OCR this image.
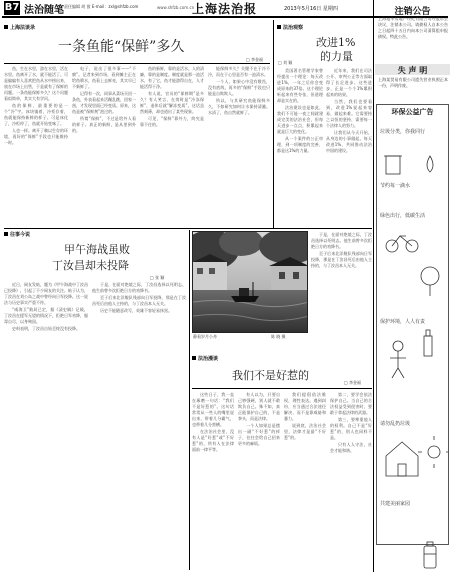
B7 法治随笔 责任编辑 胡 茵 E-mail：zxl@shfzb.com	www.shfzb.com.cn
上海法治报	2013年5月16日 星期四
上海法谈录
□ 李金福
一条鱼能“保鲜”多久

鱼，生在水里，游在水里，活在水里。鱼离开了水，就不能活了。可是偏偏有人喜欢把鱼从水中捞出来，放在市场上出售，于是就有了保鲜的问题。一条鱼能保鲜多久？这个问题看似简单，其实大有学问。

鱼的保鲜，最重要的是一个“冷”字。冰块镇着，冷柜存着，鱼就能保持新鲜的样子。可是冰化了，冷柜停了，鱼就开始变味了。

人也一样。离开了赖以生存的环境，再好的“保鲜”手段也只能维持一时。

电子，说出了很多事——“不腐”。记者来到市场，看到摊主正在给鱼喷水，鱼看上去鲜亮，其实早已不新鲜了。

记得有一次，同事从菜场买回一条鱼，外表看起来活蹦乱跳，回家一剖，才发现里面已经变质。原来，这鱼是被“保鲜剂”泡过的。

所谓“保鲜”，不过是给外人看的样子。真正的新鲜，是从里到外的。

鱼的新鲜，靠的是活水。人的清廉，靠的是制度。制度就是那一池活水，有了它，鱼才能游得自在，人才能活得干净。

有人说，官员的“保鲜期”是多久？有人笑言，在岗时是“冷冻保鲜”，退休后就“解冻变质”。这话虽然刻薄，却也道出了某些现象。

可见，“保鲜”靠外力，终究是靠不住的。

能保鲜多久？关键不在于冷不冷，而在于心里是否有一池清水。

一个人，如果心中没有敬畏，没有底线，再多的“保鲜”手段也只能是自欺欺人。

所以，与其研究鱼能保鲜多久，不如研究如何让水保持清澈。水清了，鱼自然就鲜了。

法治观察
改进1%
的力量
□ 刘 颖

美国著名管理学家曾经提出一个理论：每天改进1%，一年之后你会变成原来的37倍。这个理论听起来有些夸张，但道理却是实在的。

法治建设也是如此。我们不可能一夜之间就建成完美的法治社会，但每天进步一点点，积累起来就是巨大的变化。

从一个案件的公正审理，到一项制度的完善，都是这1%的力量。

近年来，我们在司法公开、审判公正等方面取得了长足进步。这些进步，正是一个个1%累积起来的结果。

当然，我们也要看到，改进1%说起来容易，做起来难。它需要持之以恒的坚持，需要每一个法律人的努力。

让我们从今天开始，从身边的小事做起，每天改进1%，共同推动法治中国的建设。

往事今说
甲午海战虽败
丁汝昌却未投降
□ 张 颖

近日，网友发帖，题为《甲午海战中丁汝昌已投降》，引起了不少网友的关注。帖子认为，丁汝昌在刘公岛之战中曾经向日军投降。这一说法与历史事实严重不符。

“威海卫”败局已定，据《清史稿》记载，丁汝昌在援军无望的情况下，拒绝日军劝降，服毒自尽，以身殉国。

史料表明，丁汝昌自始至终没有投降。

于是，在面对绝境之际，丁汝昌选择以死明志。他生前曾多次拒绝日方的劝降书。

至于后来北洋舰队残部向日军投降，那是在丁汝昌死后由他人主持的，与丁汝昌本人无关。

历史不能随意改写，英雄不容轻易抹黑。

静看岁月小舟	陈 晓 摄
法治漫谈
我们不是好惹的
□ 李金福

这些日子，我一直在琢磨一句话：“我们不是好惹的”。这句话常常从一些人的嘴里说出来，带着几分霸气，也带着几分蛮横。

在法治社会里，没有人是“好惹”或“不好惹”的，所有人在法律面前一律平等。

有人以为，只要自己够强硬，别人就不敢欺负自己。殊不知，真正能保护自己的，不是拳头，而是法律。

一个人如果总是摆出一副“不好惹”的样子，往往会给自己招来更多的麻烦。

我们提倡依法维权，理性表达。遇到纠纷，应当通过合法途径解决，而不是靠威胁和暴力。

说到底，法治社会里，法律才是最“不好惹”的。

第二，要学会依法保护自己。当自己的合法权益受到侵害时，要敢于拿起法律的武器。

第三，要尊重他人的权利。自己不是“好惹”的，别人也同样不是。

只有人人守法，社会才能和谐。

于是，在面对绝境之际，丁汝昌选择以死明志。他生前曾多次拒绝日方的劝降书。

至于后来北洋舰队残部向日军投降，那是在丁汝昌死后由他人主持的，与丁汝昌本人无关。

注销公告
上海旭华房地产经纪有限公司经股东会决议，注销本公司。请债权人自本公告之日起四十五日内向本公司清算组申报债权。特此公告。
失 声 明
上海某贸易有限公司遗失营业执照正本一份，声明作废。
环保公益广告
垃圾分类，你我同行
节约每一滴水
绿色出行，低碳生活
保护环境，人人有责
请勿乱扔垃圾
共建美丽家园
